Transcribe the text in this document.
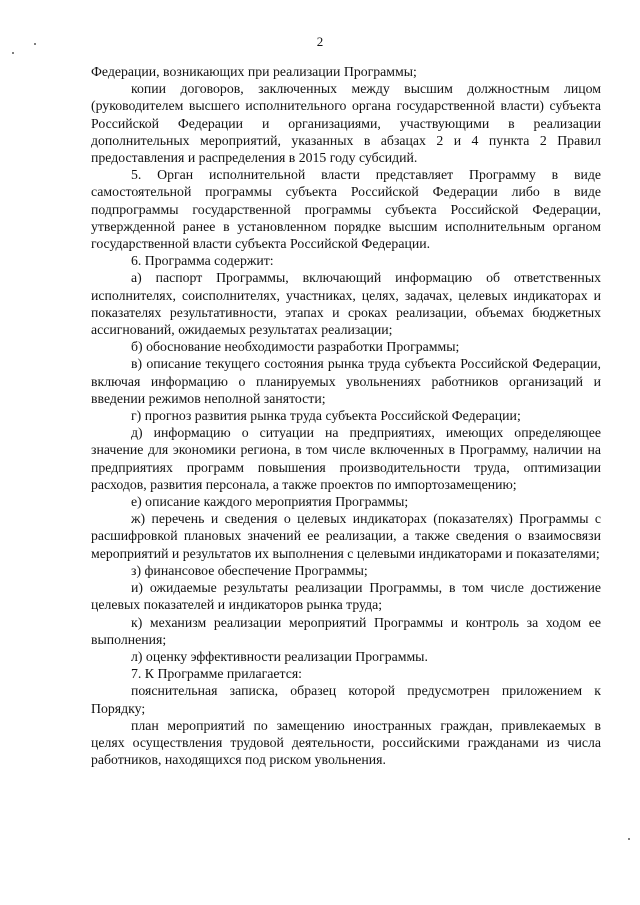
2

Федерации, возникающих при реализации Программы;

копии договоров, заключенных между высшим должностным лицом (руководителем высшего исполнительного органа государственной власти) субъекта Российской Федерации и организациями, участвующими в реализации дополнительных мероприятий, указанных в абзацах 2 и 4 пункта 2 Правил предоставления и распределения в 2015 году субсидий.

5. Орган исполнительной власти представляет Программу в виде самостоятельной программы субъекта Российской Федерации либо в виде подпрограммы государственной программы субъекта Российской Федерации, утвержденной ранее в установленном порядке высшим исполнительным органом государственной власти субъекта Российской Федерации.

6. Программа содержит:

а) паспорт Программы, включающий информацию об ответственных исполнителях, соисполнителях, участниках, целях, задачах, целевых индикаторах и показателях результативности, этапах и сроках реализации, объемах бюджетных ассигнований, ожидаемых результатах реализации;

б) обоснование необходимости разработки Программы;

в) описание текущего состояния рынка труда субъекта Российской Федерации, включая информацию о планируемых увольнениях работников организаций и введении режимов неполной занятости;

г) прогноз развития рынка труда субъекта Российской Федерации;

д) информацию о ситуации на предприятиях, имеющих определяющее значение для экономики региона, в том числе включенных в Программу, наличии на предприятиях программ повышения производительности труда, оптимизации расходов, развития персонала, а также проектов по импортозамещению;

е) описание каждого мероприятия Программы;

ж) перечень и сведения о целевых индикаторах (показателях) Программы с расшифровкой плановых значений ее реализации, а также сведения о взаимосвязи мероприятий и результатов их выполнения с целевыми индикаторами и показателями;

з) финансовое обеспечение Программы;

и) ожидаемые результаты реализации Программы, в том числе достижение целевых показателей и индикаторов рынка труда;

к) механизм реализации мероприятий Программы и контроль за ходом ее выполнения;

л) оценку эффективности реализации Программы.

7. К Программе прилагается:

пояснительная записка, образец которой предусмотрен приложением к Порядку;

план мероприятий по замещению иностранных граждан, привлекаемых в целях осуществления трудовой деятельности, российскими гражданами из числа работников, находящихся под риском увольнения.
